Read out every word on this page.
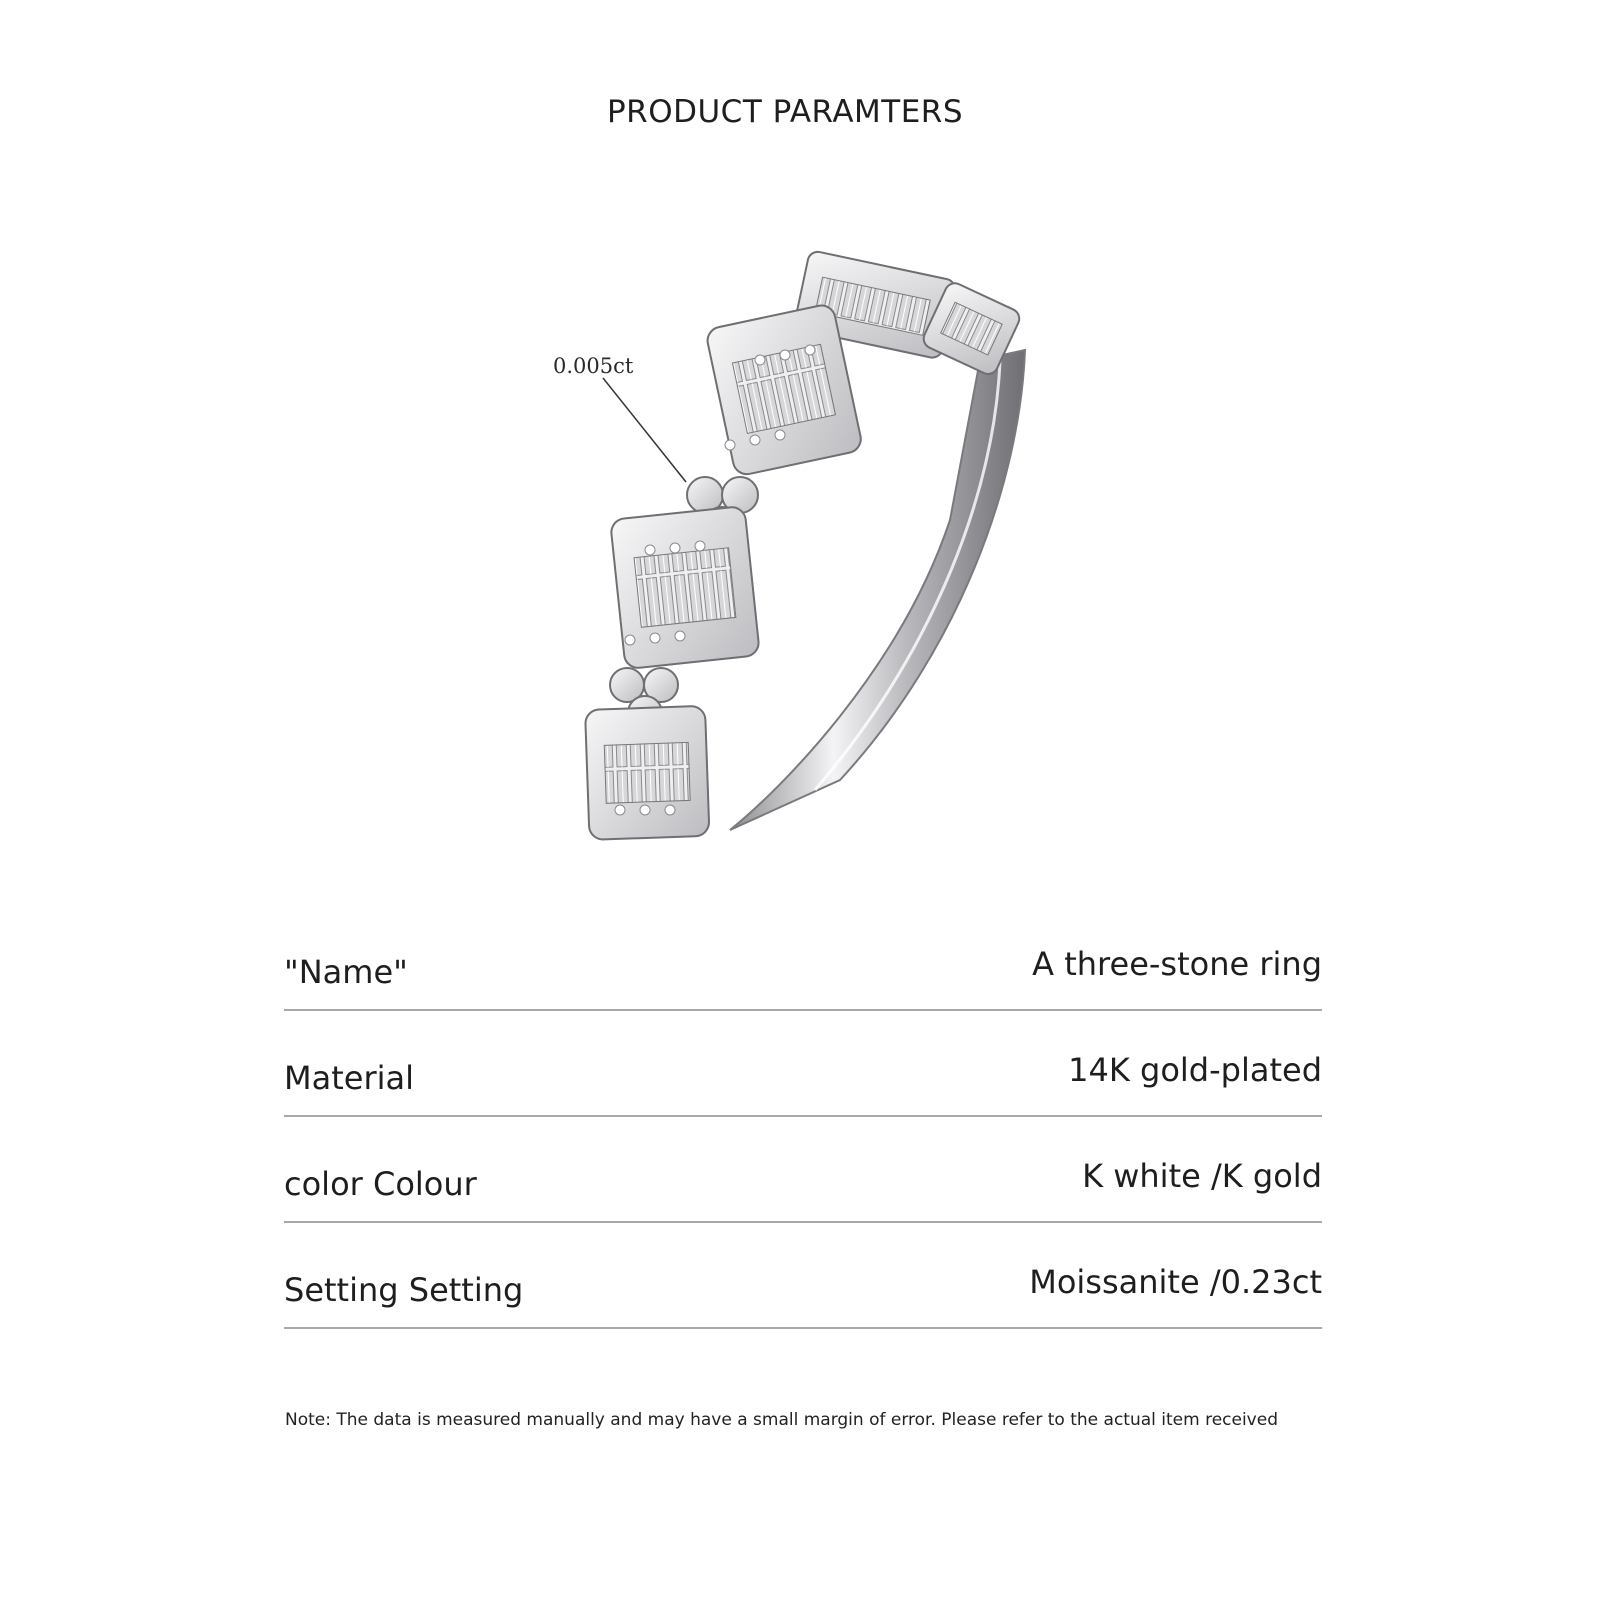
PRODUCT PARAMTERS
0.005ct
"Name"	A three-stone ring
Material	14K gold-plated
color Colour	K white /K gold
Setting Setting	Moissanite /0.23ct
Note: The data is measured manually and may have a small margin of error. Please refer to the actual item received
